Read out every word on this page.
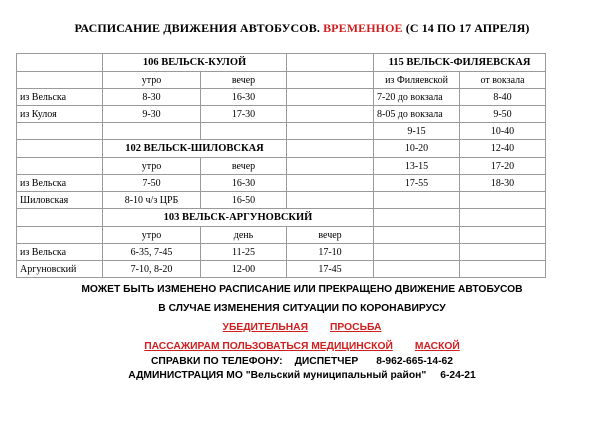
РАСПИСАНИЕ ДВИЖЕНИЯ АВТОБУСОВ. ВРЕМЕННОЕ (С 14 ПО 17 АПРЕЛЯ)
	106 ВЕЛЬСК-КУЛОЙ			115 ВЕЛЬСК-ФИЛЯЕВСКАЯ	
	утро	вечер		из Филяевской	от вокзала
из Вельска	8-30	16-30		7-20 до вокзала	8-40
из Кулоя	9-30	17-30		8-05 до вокзала	9-50
				9-15	10-40
	102 ВЕЛЬСК-ШИЛОВСКАЯ			10-20	12-40
	утро	вечер		13-15	17-20
из Вельска	7-50	16-30		17-55	18-30
Шиловская	8-10 ч/з ЦРБ	16-50			
	103 ВЕЛЬСК-АРГУНОВСКИЙ				
	утро	день	вечер		
из Вельска	6-35, 7-45	11-25	17-10		
Аргуновский	7-10, 8-20	12-00	17-45		
МОЖЕТ БЫТЬ ИЗМЕНЕНО РАСПИСАНИЕ ИЛИ ПРЕКРАЩЕНО ДВИЖЕНИЕ АВТОБУСОВ
В СЛУЧАЕ ИЗМЕНЕНИЯ СИТУАЦИИ ПО КОРОНАВИРУСУ
УБЕДИТЕЛЬНАЯ ПРОСЬБА
ПАССАЖИРАМ ПОЛЬЗОВАТЬСЯ МЕДИЦИНСКОЙ МАСКОЙ
СПРАВКИ ПО ТЕЛЕФОНУ: ДИСПЕТЧЕР 8-962-665-14-62
АДМИНИСТРАЦИЯ МО "Вельский муниципальный район" 6-24-21
